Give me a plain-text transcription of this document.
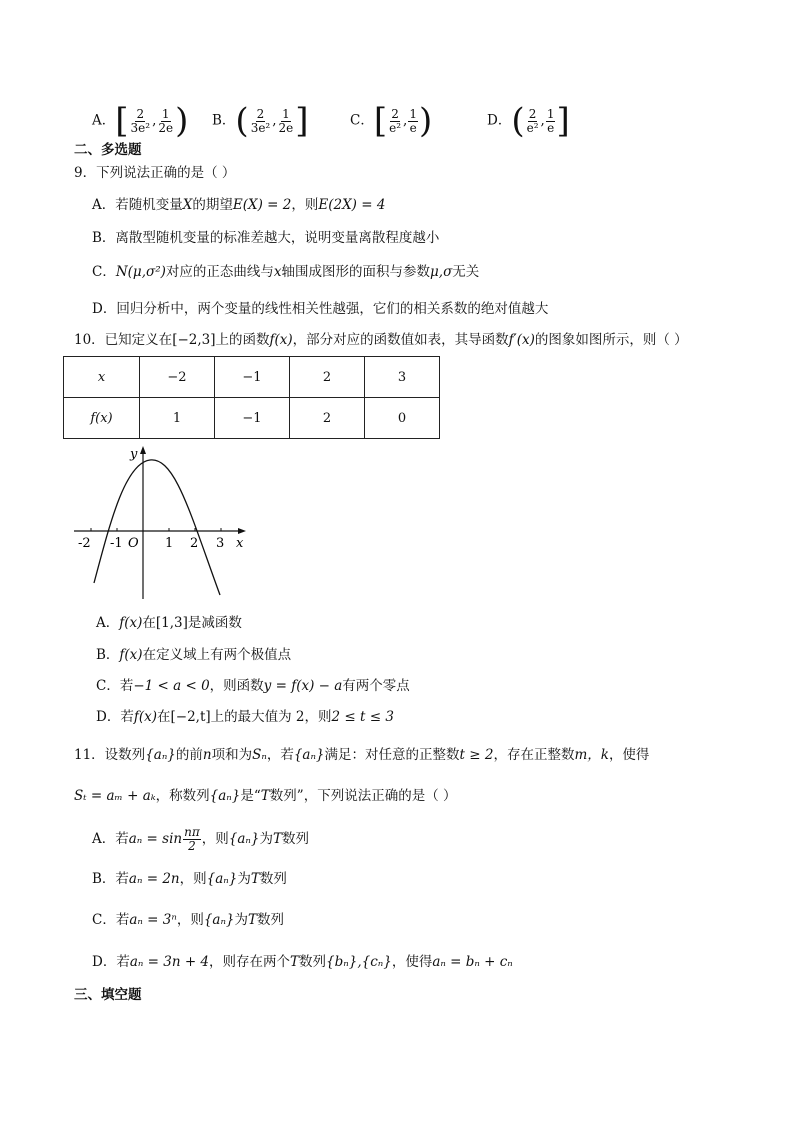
A．[ $\frac{2}{\text{3e²}}$ , $\frac{1}{2e}$ ) B．( $\frac{2}{\text{3e²}}$ , $\frac{1}{2e}$ ]	C．[ $\frac{2}{\text{e²}}$ , $\frac{1}{e}$ )	D．( $\frac{2}{\text{e²}}$ , $\frac{1}{e}$ ]
二、多选题
9．下列说法正确的是（ ）
A．若随机变量X的期望E(X) = 2，则E(2X) = 4
B．离散型随机变量的标准差越大，说明变量离散程度越小
C．N(μ,σ²)对应的正态曲线与x轴围成图形的面积与参数μ,σ无关
D．回归分析中，两个变量的线性相关性越强，它们的相关系数的绝对值越大
10．已知定义在[−2,3]上的函数f(x)，部分对应的函数值如表，其导函数f′(x)的图象如图所示，则（ ）
x	−2	−1	2	3
f(x)	1	−1	2	0
y
x
O
-2 -1	1 2 3
A．f(x)在[1,3]是减函数
B．f(x)在定义域上有两个极值点
C．若−1 < a < 0，则函数y = f(x) − a有两个零点
D．若f(x)在[−2,t]上的最大值为 2，则2 ≤ t ≤ 3
11．设数列{aₙ}的前n项和为Sₙ，若{aₙ}满足：对任意的正整数t ≥ 2，存在正整数m，k，使得
Sₜ = aₘ + aₖ，称数列{aₙ}是“T数列”，下列说法正确的是（ ）
A．若$a_n = \sin \frac{n\pi}{2}$ ，则{aₙ}为T数列
B．若aₙ = 2n，则{aₙ}为T数列
C．若aₙ = 3ⁿ，则{aₙ}为T数列
D．若aₙ = 3n + 4，则存在两个T数列{bₙ},{cₙ}，使得aₙ = bₙ + cₙ
三、填空题
